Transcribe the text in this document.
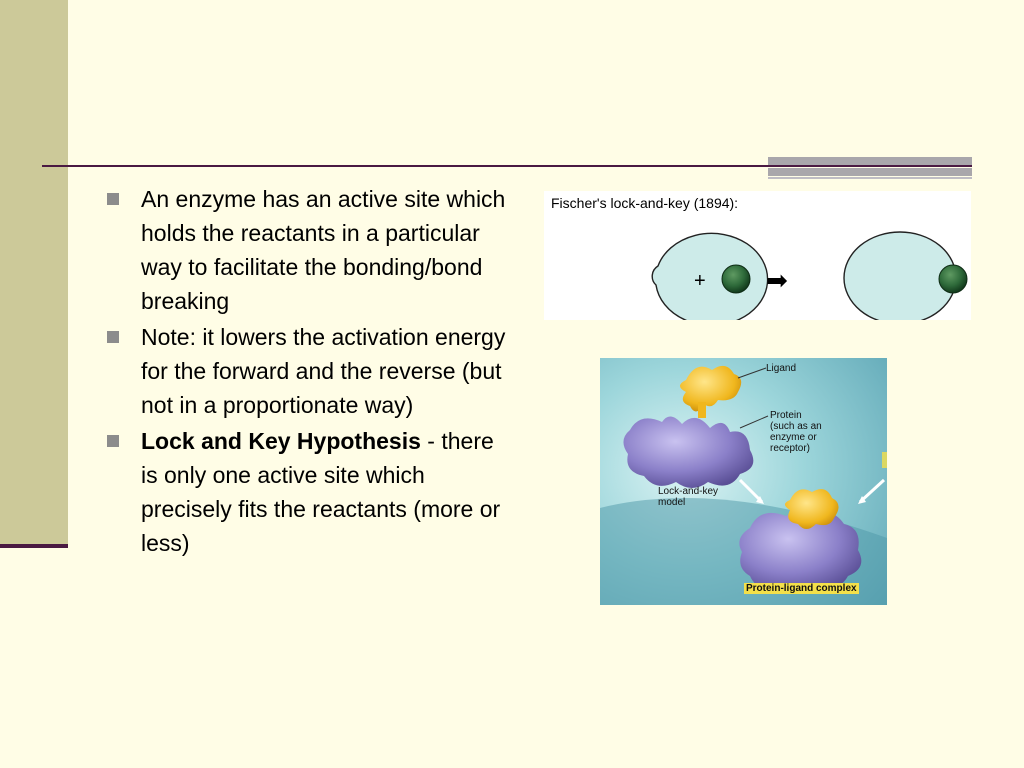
An enzyme has an active site which holds the reactants in a particular way to facilitate the bonding/bond breaking
Note: it lowers the activation energy for the forward and the reverse (but not in a proportionate way)
Lock and Key Hypothesis - there is only one active site which precisely fits the reactants (more or less)
Fischer's lock-and-key (1894):
+ ➡
Ligand
Protein
(such as an
enzyme or
receptor)
Lock-and-key
model
Protein-ligand complex
